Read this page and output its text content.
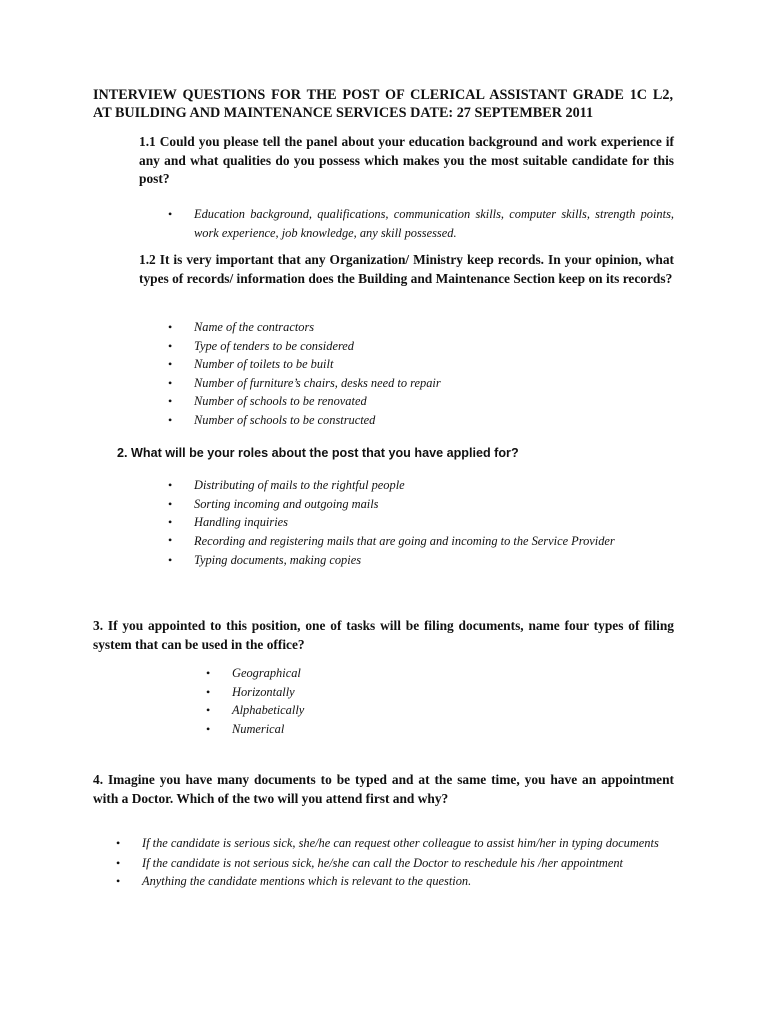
INTERVIEW QUESTIONS FOR THE POST OF CLERICAL ASSISTANT GRADE 1C L2,
AT BUILDING AND MAINTENANCE SERVICES DATE: 27 SEPTEMBER 2011
1.1 Could you please tell the panel about your education background and work experience if any and what qualities do you possess which makes you the most suitable candidate for this post?
• Education background, qualifications, communication skills, computer skills, strength points, work experience, job knowledge, any skill possessed.
1.2 It is very important that any Organization/ Ministry keep records. In your opinion, what types of records/ information does the Building and Maintenance Section keep on its records?
• Name of the contractors
• Type of tenders to be considered
• Number of toilets to be built
• Number of furniture’s chairs, desks need to repair
• Number of schools to be renovated
• Number of schools to be constructed
2. What will be your roles about the post that you have applied for?
• Distributing of mails to the rightful people
• Sorting incoming and outgoing mails
• Handling inquiries
• Recording and registering mails that are going and incoming to the Service Provider
• Typing documents, making copies
3. If you appointed to this position, one of tasks will be filing documents, name four types of filing system that can be used in the office?
• Geographical
• Horizontally
• Alphabetically
• Numerical
4. Imagine you have many documents to be typed and at the same time, you have an appointment with a Doctor. Which of the two will you attend first and why?
• If the candidate is serious sick, she/he can request other colleague to assist him/her in typing documents
• If the candidate is not serious sick, he/she can call the Doctor to reschedule his /her appointment
• Anything the candidate mentions which is relevant to the question.
